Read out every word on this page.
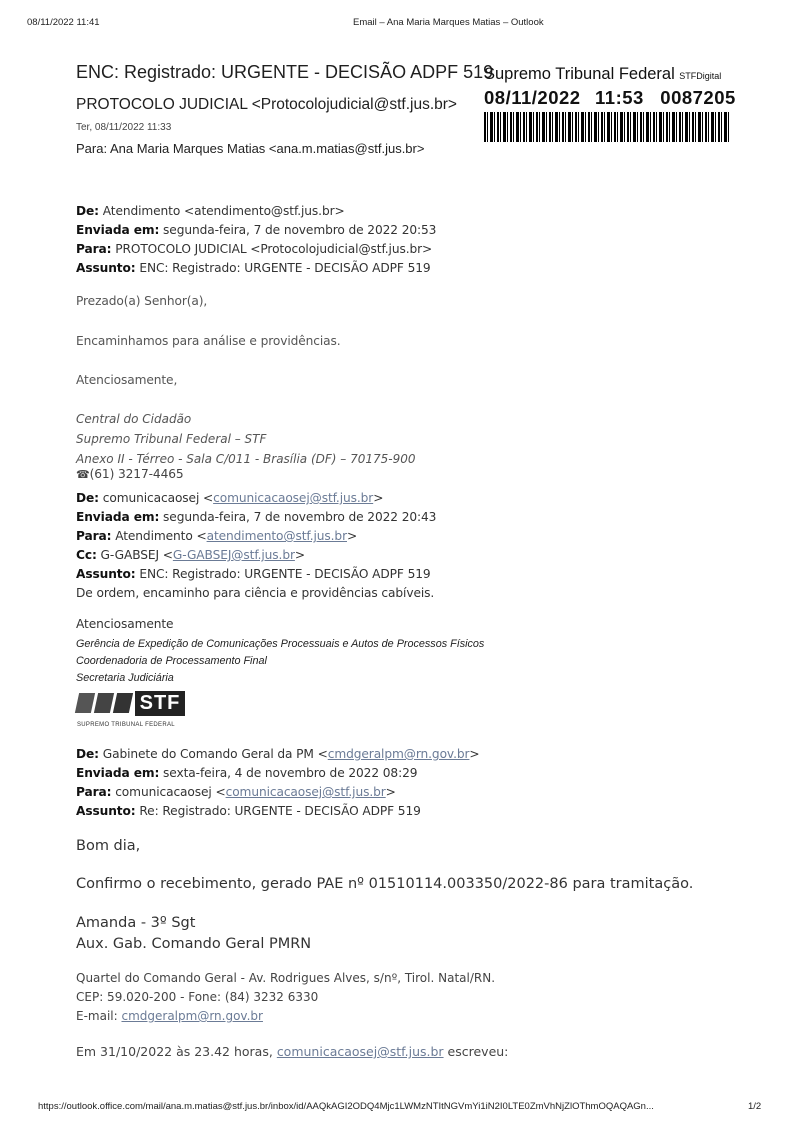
08/11/2022 11:41	Email – Ana Maria Marques Matias – Outlook
ENC: Registrado: URGENTE - DECISÃO ADPF 519
PROTOCOLO JUDICIAL <Protocolojudicial@stf.jus.br>
Ter, 08/11/2022 11:33
Para: Ana Maria Marques Matias <ana.m.matias@stf.jus.br>
Supremo Tribunal Federal STFDigital
08/11/2022 11:53 0087205
De: Atendimento <atendimento@stf.jus.br>
Enviada em: segunda-feira, 7 de novembro de 2022 20:53
Para: PROTOCOLO JUDICIAL <Protocolojudicial@stf.jus.br>
Assunto: ENC: Registrado: URGENTE - DECISÃO ADPF 519
Prezado(a) Senhor(a),
Encaminhamos para análise e providências.
Atenciosamente,
Central do Cidadão
Supremo Tribunal Federal – STF
Anexo II - Térreo - Sala C/011 - Brasília (DF) – 70175-900
☎(61) 3217-4465
De: comunicacaosej <comunicacaosej@stf.jus.br>
Enviada em: segunda-feira, 7 de novembro de 2022 20:43
Para: Atendimento <atendimento@stf.jus.br>
Cc: G-GABSEJ <G-GABSEJ@stf.jus.br>
Assunto: ENC: Registrado: URGENTE - DECISÃO ADPF 519
De ordem, encaminho para ciência e providências cabíveis.
Atenciosamente
Gerência de Expedição de Comunicações Processuais e Autos de Processos Físicos
Coordenadoria de Processamento Final
Secretaria Judiciária
STF
SUPREMO TRIBUNAL FEDERAL
De: Gabinete do Comando Geral da PM <cmdgeralpm@rn.gov.br>
Enviada em: sexta-feira, 4 de novembro de 2022 08:29
Para: comunicacaosej <comunicacaosej@stf.jus.br>
Assunto: Re: Registrado: URGENTE - DECISÃO ADPF 519
Bom dia,
Confirmo o recebimento, gerado PAE nº 01510114.003350/2022-86 para tramitação.
Amanda - 3º Sgt
Aux. Gab. Comando Geral PMRN
Quartel do Comando Geral - Av. Rodrigues Alves, s/nº, Tirol. Natal/RN.
CEP: 59.020-200 - Fone: (84) 3232 6330
E-mail: cmdgeralpm@rn.gov.br
Em 31/10/2022 às 23.42 horas, comunicacaosej@stf.jus.br escreveu:
https://outlook.office.com/mail/ana.m.matias@stf.jus.br/inbox/id/AAQkAGI2ODQ4Mjc1LWMzNTItNGVmYi1iN2I0LTE0ZmVhNjZlOThmOQAQAGn...	1/2
